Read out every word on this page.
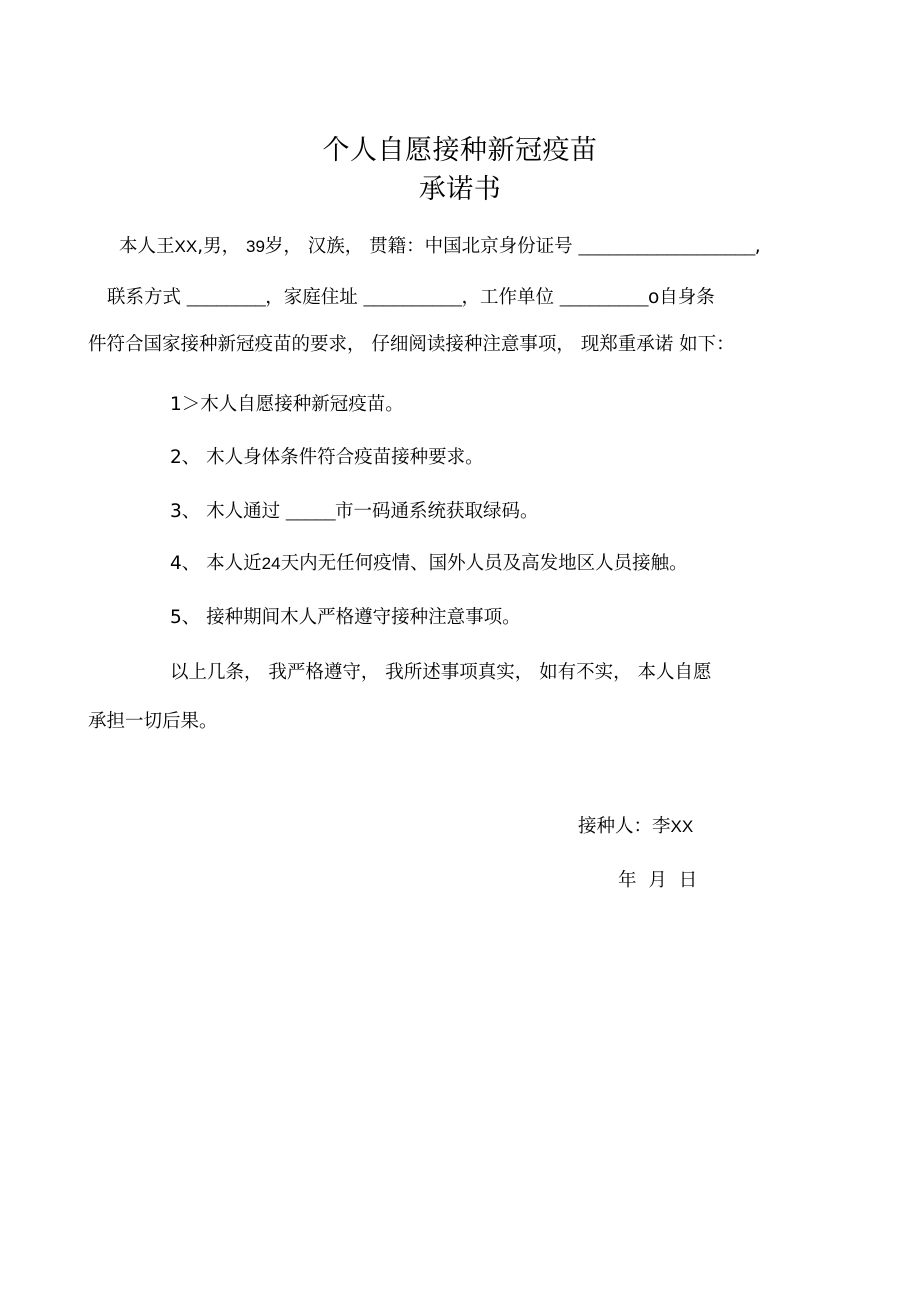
个人自愿接种新冠疫苗
承诺书
本人王XX,男， 39岁， 汉族， 贯籍：中国北京身份证号 __________________,
联系方式 ________，家庭住址 __________，工作单位 _________o自身条
件符合国家接种新冠疫苗的要求， 仔细阅读接种注意事项， 现郑重承诺 如下：
1＞木人自愿接种新冠疫苗。
2、 木人身体条件符合疫苗接种要求。
3、 木人通过 _____市一码通系统获取绿码。
4、 本人近24天内无任何疫情、国外人员及高发地区人员接触。
5、 接种期间木人严格遵守接种注意事项。
以上几条， 我严格遵守， 我所述事项真实， 如有不实， 本人自愿
承担一切后果。
接种人：李XX
年 月 日
